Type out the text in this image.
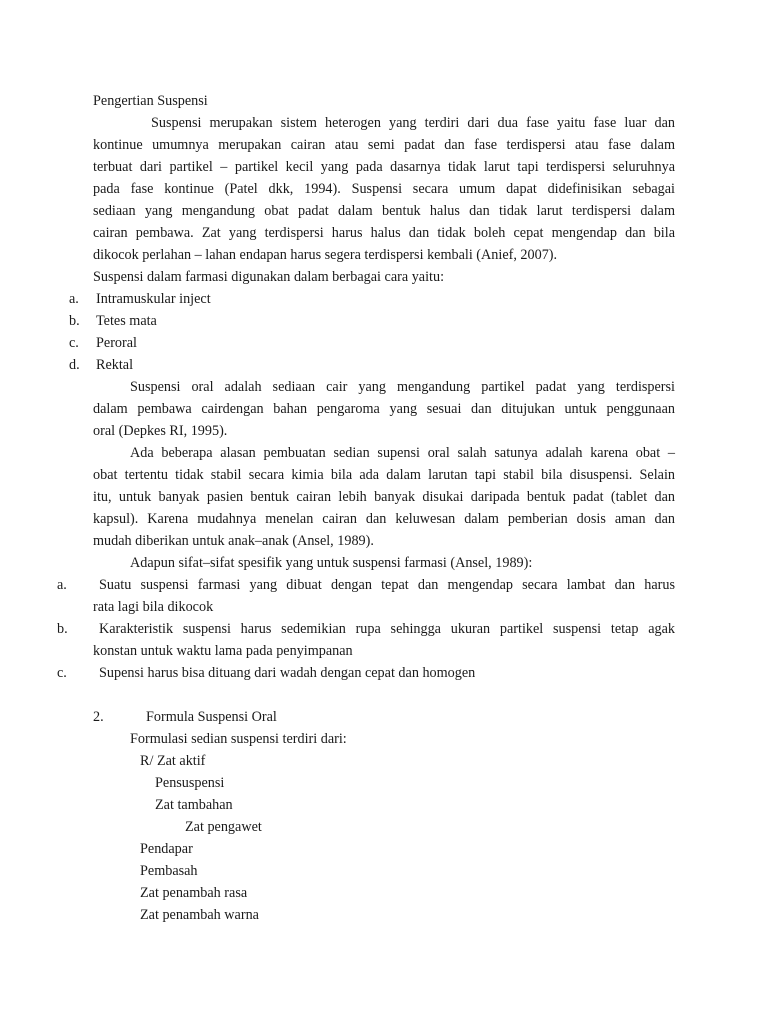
Pengertian Suspensi
Suspensi merupakan sistem heterogen yang terdiri dari dua fase yaitu fase luar dan
kontinue umumnya merupakan cairan atau semi padat dan fase terdispersi atau fase dalam
terbuat dari partikel – partikel kecil yang pada dasarnya tidak larut tapi terdispersi seluruhnya
pada fase kontinue (Patel dkk, 1994). Suspensi secara umum dapat didefinisikan sebagai
sediaan yang mengandung obat padat dalam bentuk halus dan tidak larut terdispersi dalam
cairan pembawa. Zat yang terdispersi harus halus dan tidak boleh cepat mengendap dan bila
dikocok perlahan – lahan endapan harus segera terdispersi kembali (Anief, 2007).
Suspensi dalam farmasi digunakan dalam berbagai cara yaitu:
a. Intramuskular inject
b. Tetes mata
c. Peroral
d. Rektal
Suspensi oral adalah sediaan cair yang mengandung partikel padat yang terdispersi
dalam pembawa cairdengan bahan pengaroma yang sesuai dan ditujukan untuk penggunaan
oral (Depkes RI, 1995).
Ada beberapa alasan pembuatan sedian supensi oral salah satunya adalah karena obat –
obat tertentu tidak stabil secara kimia bila ada dalam larutan tapi stabil bila disuspensi. Selain
itu, untuk banyak pasien bentuk cairan lebih banyak disukai daripada bentuk padat (tablet dan
kapsul). Karena mudahnya menelan cairan dan keluwesan dalam pemberian dosis aman dan
mudah diberikan untuk anak–anak (Ansel, 1989).
Adapun sifat–sifat spesifik yang untuk suspensi farmasi (Ansel, 1989):
a. Suatu suspensi farmasi yang dibuat dengan tepat dan mengendap secara lambat dan harus
rata lagi bila dikocok
b. Karakteristik suspensi harus sedemikian rupa sehingga ukuran partikel suspensi tetap agak
konstan untuk waktu lama pada penyimpanan
c. Supensi harus bisa dituang dari wadah dengan cepat dan homogen
2.	Formula Suspensi Oral
Formulasi sedian suspensi terdiri dari:
R/ Zat aktif
Pensuspensi
Zat tambahan
Zat pengawet
Pendapar
Pembasah
Zat penambah rasa
Zat penambah warna
